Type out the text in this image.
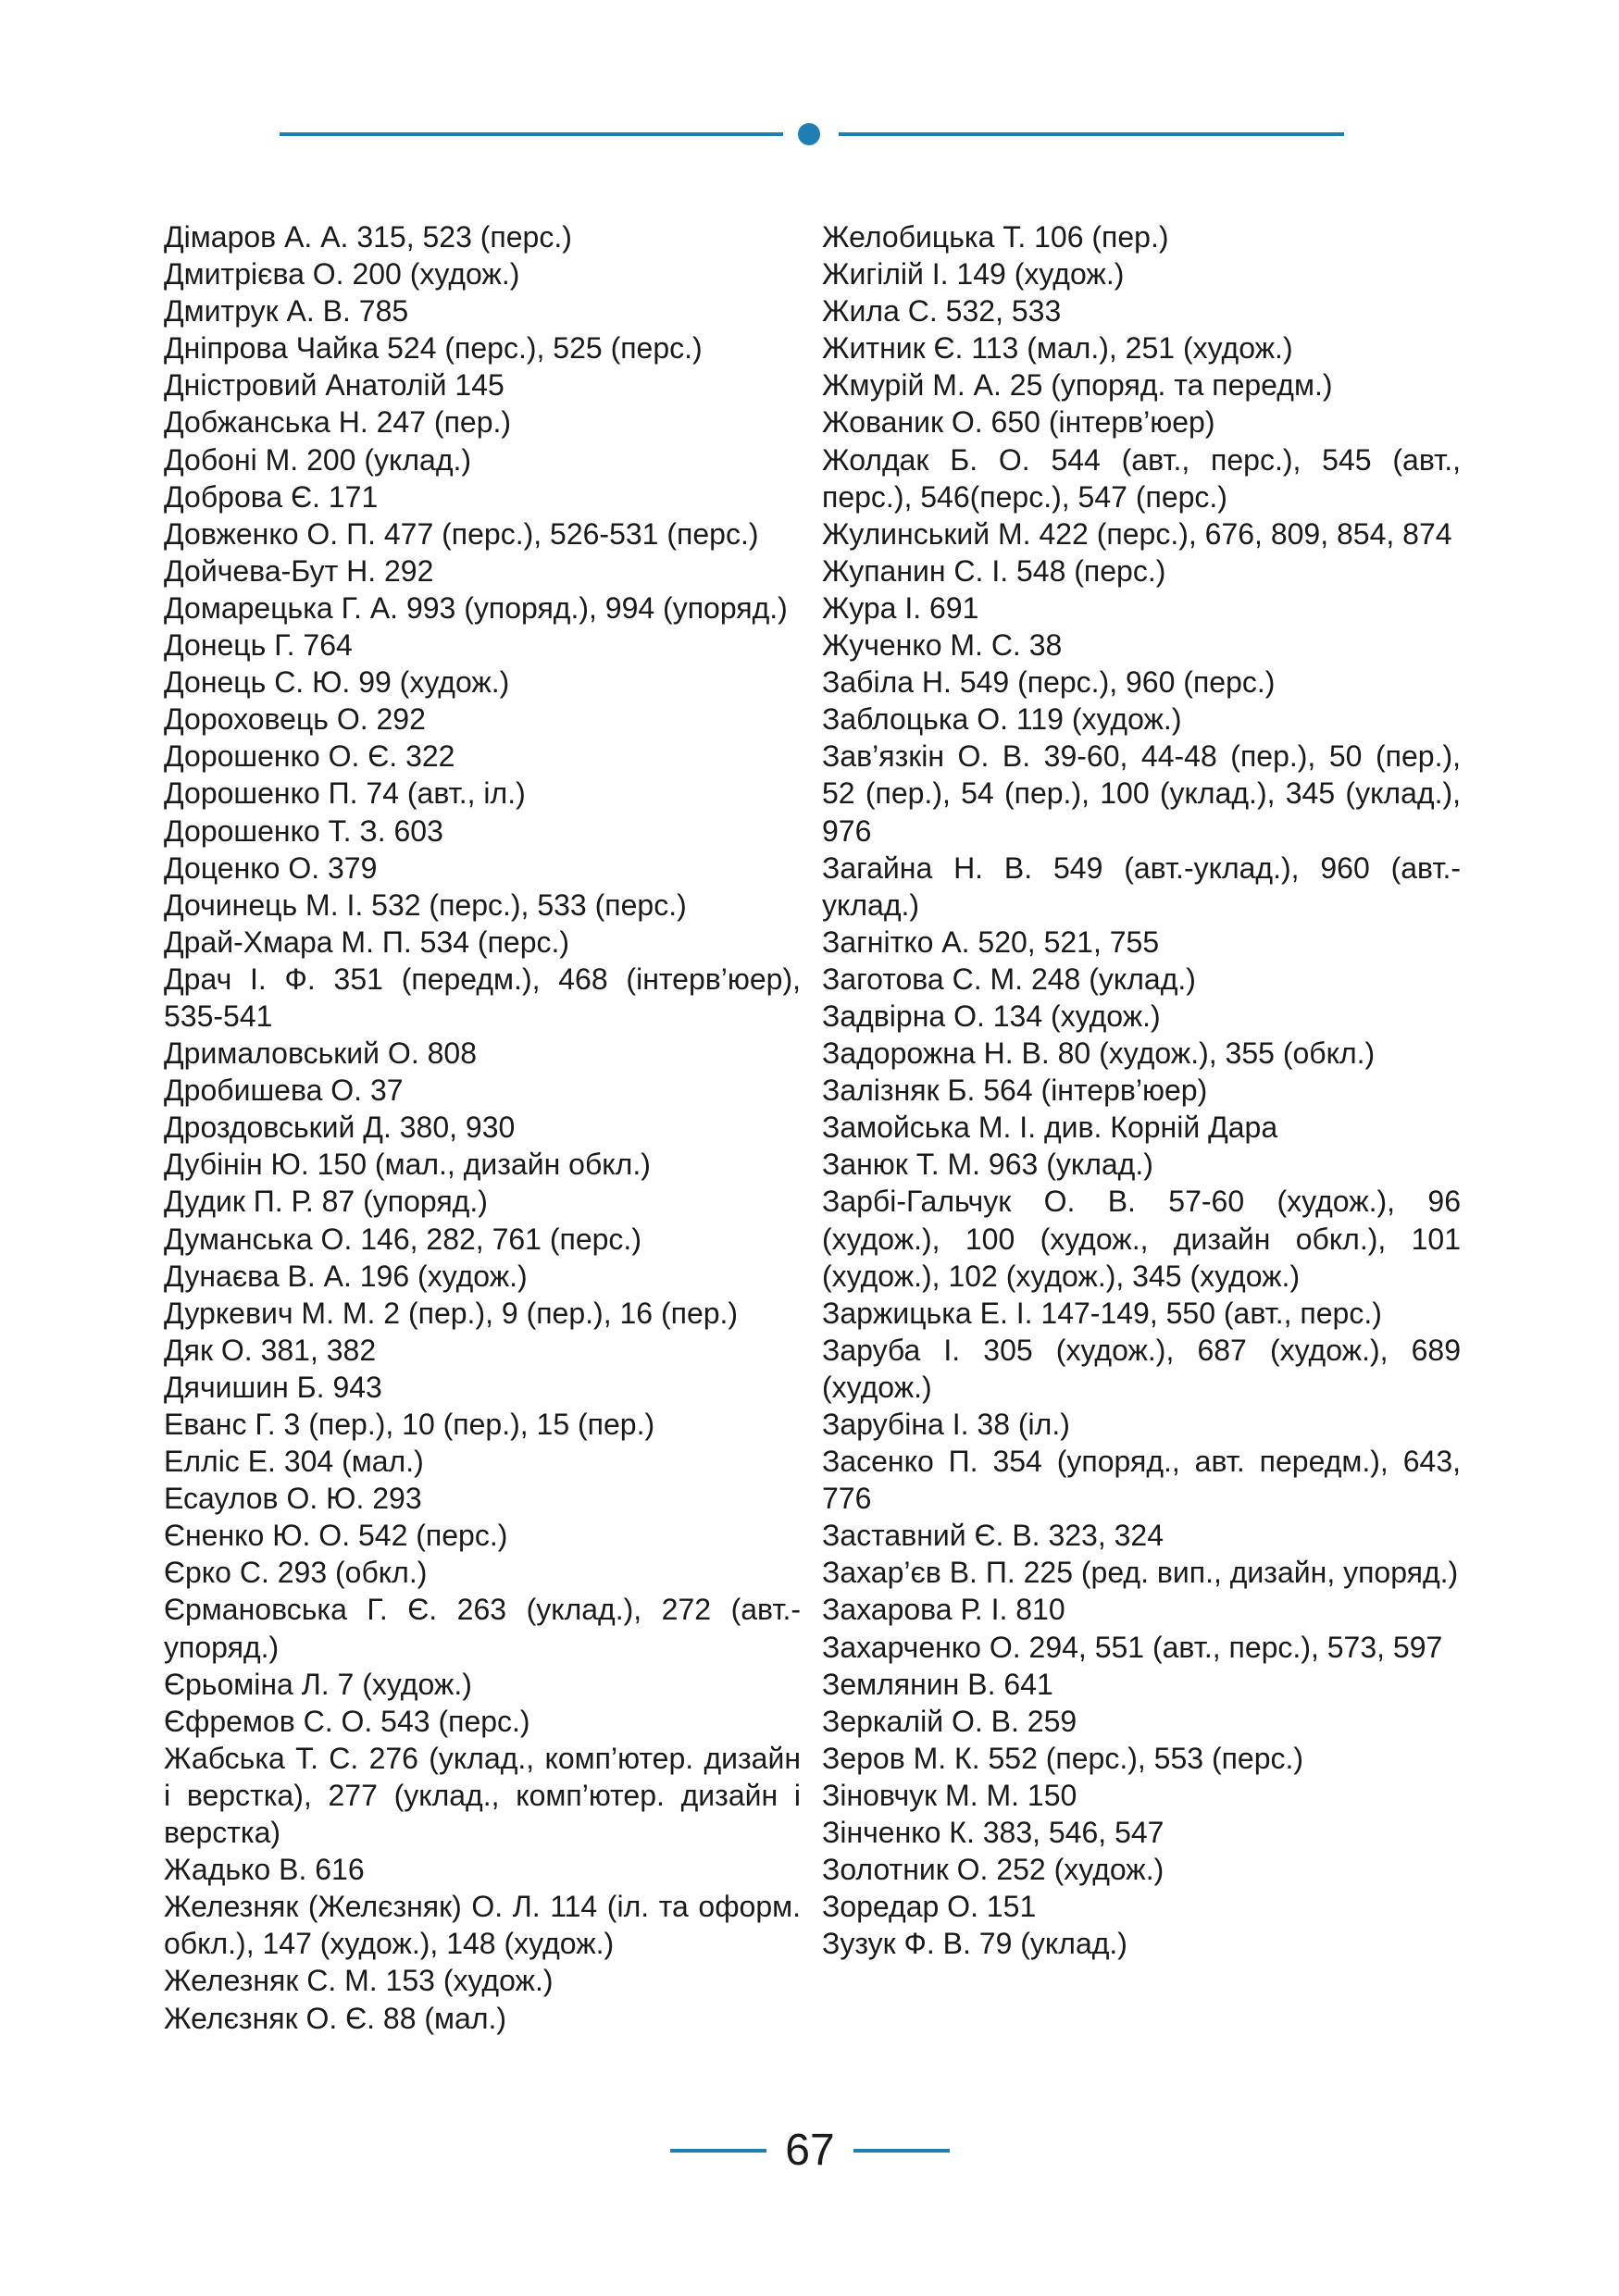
Дімаров А. А. 315, 523 (перс.)

Дмитрієва О. 200 (худож.)

Дмитрук А. В. 785

Дніпрова Чайка 524 (перс.), 525 (перс.)

Дністровий Анатолій 145

Добжанська Н. 247 (пер.)

Добоні М. 200 (уклад.)

Доброва Є. 171

Довженко О. П. 477 (перс.), 526-531 (перс.)

Дойчева-Бут Н. 292

Домарецька Г. А. 993 (упоряд.), 994 (упоряд.)

Донець Г. 764

Донець С. Ю. 99 (худож.)

Дороховець О. 292

Дорошенко О. Є. 322

Дорошенко П. 74 (авт., іл.)

Дорошенко Т. З. 603

Доценко О. 379

Дочинець М. І. 532 (перс.), 533 (перс.)

Драй-Хмара М. П. 534 (перс.)

Драч І. Ф. 351 (передм.), 468 (інтерв’юер), 535-541

Дрималовський О. 808

Дробишева О. 37

Дроздовський Д. 380, 930

Дубінін Ю. 150 (мал., дизайн обкл.)

Дудик П. Р. 87 (упоряд.)

Думанська О. 146, 282, 761 (перс.)

Дунаєва В. А. 196 (худож.)

Дуркевич М. М. 2 (пер.), 9 (пер.), 16 (пер.)

Дяк О. 381, 382

Дячишин Б. 943

Еванс Г. 3 (пер.), 10 (пер.), 15 (пер.)

Елліс Е. 304 (мал.)

Есаулов О. Ю. 293

Єненко Ю. О. 542 (перс.)

Єрко С. 293 (обкл.)

Єрмановська Г. Є. 263 (уклад.), 272 (авт.-упоряд.)

Єрьоміна Л. 7 (худож.)

Єфремов С. О. 543 (перс.)

Жабська Т. С. 276 (уклад., комп’ютер. дизайн і верстка), 277 (уклад., комп’ютер. дизайн і верстка)

Жадько В. 616

Железняк (Желєзняк) О. Л. 114 (іл. та оформ. обкл.), 147 (худож.), 148 (худож.)

Железняк С. М. 153 (худож.)

Желєзняк О. Є. 88 (мал.)

Желобицька Т. 106 (пер.)

Жигілій І. 149 (худож.)

Жила С. 532, 533

Житник Є. 113 (мал.), 251 (худож.)

Жмурій М. А. 25 (упоряд. та передм.)

Жованик О. 650 (інтерв’юер)

Жолдак Б. О. 544 (авт., перс.), 545 (авт., перс.), 546(перс.), 547 (перс.)

Жулинський М. 422 (перс.), 676, 809, 854, 874

Жупанин С. І. 548 (перс.)

Жура І. 691

Жученко М. С. 38

Забіла Н. 549 (перс.), 960 (перс.)

Заблоцька О. 119 (худож.)

Зав’язкін О. В. 39-60, 44-48 (пер.), 50 (пер.), 52 (пер.), 54 (пер.), 100 (уклад.), 345 (уклад.), 976

Загайна Н. В. 549 (авт.-уклад.), 960 (авт.-уклад.)

Загнітко А. 520, 521, 755

Заготова С. М. 248 (уклад.)

Задвірна О. 134 (худож.)

Задорожна Н. В. 80 (худож.), 355 (обкл.)

Залізняк Б. 564 (інтерв’юер)

Замойська М. І. див. Корній Дара

Занюк Т. М. 963 (уклад.)

Зарбі-Гальчук О. В. 57-60 (худож.), 96 (худож.), 100 (худож., дизайн обкл.), 101 (худож.), 102 (худож.), 345 (худож.)

Заржицька Е. І. 147-149, 550 (авт., перс.)

Заруба І. 305 (худож.), 687 (худож.), 689 (худож.)

Зарубіна І. 38 (іл.)

Засенко П. 354 (упоряд., авт. передм.), 643, 776

Заставний Є. В. 323, 324

Захар’єв В. П. 225 (ред. вип., дизайн, упоряд.)

Захарова Р. І. 810

Захарченко О. 294, 551 (авт., перс.), 573, 597

Землянин В. 641

Зеркалій О. В. 259

Зеров М. К. 552 (перс.), 553 (перс.)

Зіновчук М. М. 150

Зінченко К. 383, 546, 547

Золотник О. 252 (худож.)

Зоредар О. 151

Зузук Ф. В. 79 (уклад.)

67
